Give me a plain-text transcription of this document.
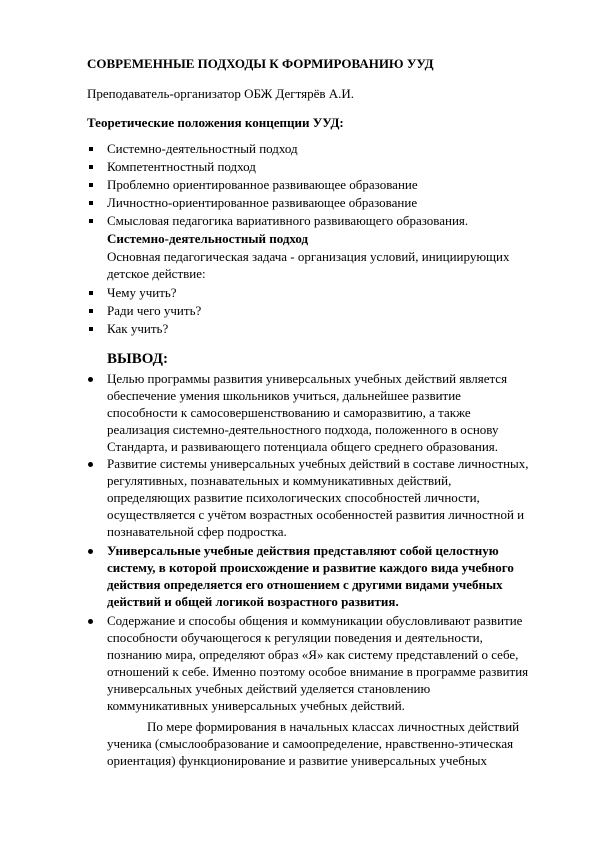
СОВРЕМЕННЫЕ ПОДХОДЫ К ФОРМИРОВАНИЮ УУД
Преподаватель-организатор ОБЖ Дегтярёв А.И.
Теоретические положения концепции УУД:
Системно-деятельностный подход
Компетентностный подход
Проблемно ориентированное развивающее образование
Личностно-ориентированное развивающее образование
Смысловая педагогика вариативного развивающего образования.
Системно-деятельностный подход
Основная педагогическая задача - организация условий, инициирующих
детское действие:
Чему учить?
Ради чего учить?
Как учить?
ВЫВОД:
Целью программы развития универсальных учебных действий является
обеспечение умения школьников учиться, дальнейшее развитие
способности к самосовершенствованию и саморазвитию, а также
реализация системно-деятельностного подхода, положенного в основу
Стандарта, и развивающего потенциала общего среднего образования.
Развитие системы универсальных учебных действий в составе личностных,
регулятивных, познавательных и коммуникативных действий,
определяющих развитие психологических способностей личности,
осуществляется с учётом возрастных особенностей развития личностной и
познавательной сфер подростка.
Универсальные учебные действия представляют собой целостную
систему, в которой происхождение и развитие каждого вида учебного
действия определяется его отношением с другими видами учебных
действий и общей логикой возрастного развития.
Содержание и способы общения и коммуникации обусловливают развитие
способности обучающегося к регуляции поведения и деятельности,
познанию мира, определяют образ «Я» как систему представлений о себе,
отношений к себе. Именно поэтому особое внимание в программе развития
универсальных учебных действий уделяется становлению
коммуникативных универсальных учебных действий.
По мере формирования в начальных классах личностных действий
ученика (смыслообразование и самоопределение, нравственно-этическая
ориентация) функционирование и развитие универсальных учебных
